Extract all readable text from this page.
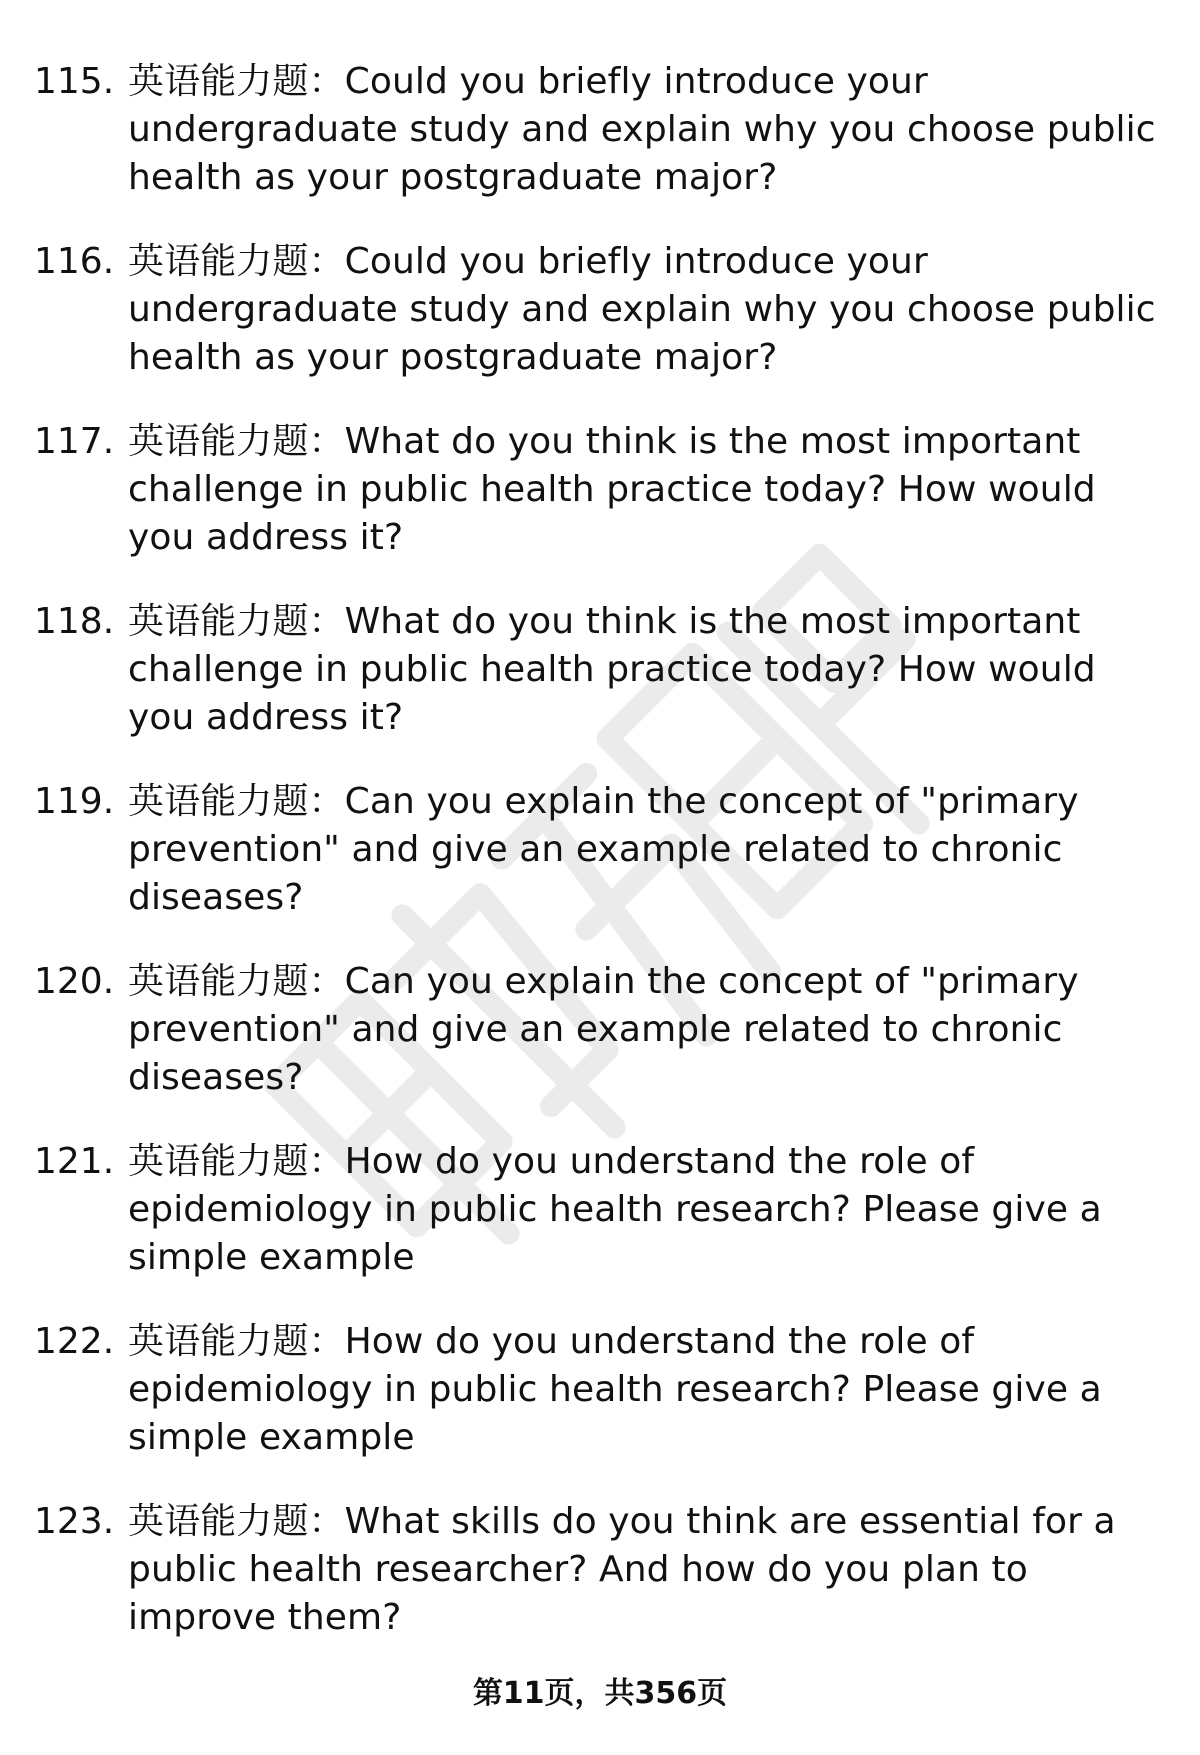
115. 英语能力题：Could you briefly introduce your undergraduate study and explain why you choose public health as your postgraduate major?
116. 英语能力题：Could you briefly introduce your undergraduate study and explain why you choose public health as your postgraduate major?
117. 英语能力题：What do you think is the most important challenge in public health practice today? How would you address it?
118. 英语能力题：What do you think is the most important challenge in public health practice today? How would you address it?
119. 英语能力题：Can you explain the concept of "primary prevention" and give an example related to chronic diseases?
120. 英语能力题：Can you explain the concept of "primary prevention" and give an example related to chronic diseases?
121. 英语能力题：How do you understand the role of epidemiology in public health research? Please give a simple example
122. 英语能力题：How do you understand the role of epidemiology in public health research? Please give a simple example
123. 英语能力题：What skills do you think are essential for a public health researcher? And how do you plan to improve them?
第11页，共356页
